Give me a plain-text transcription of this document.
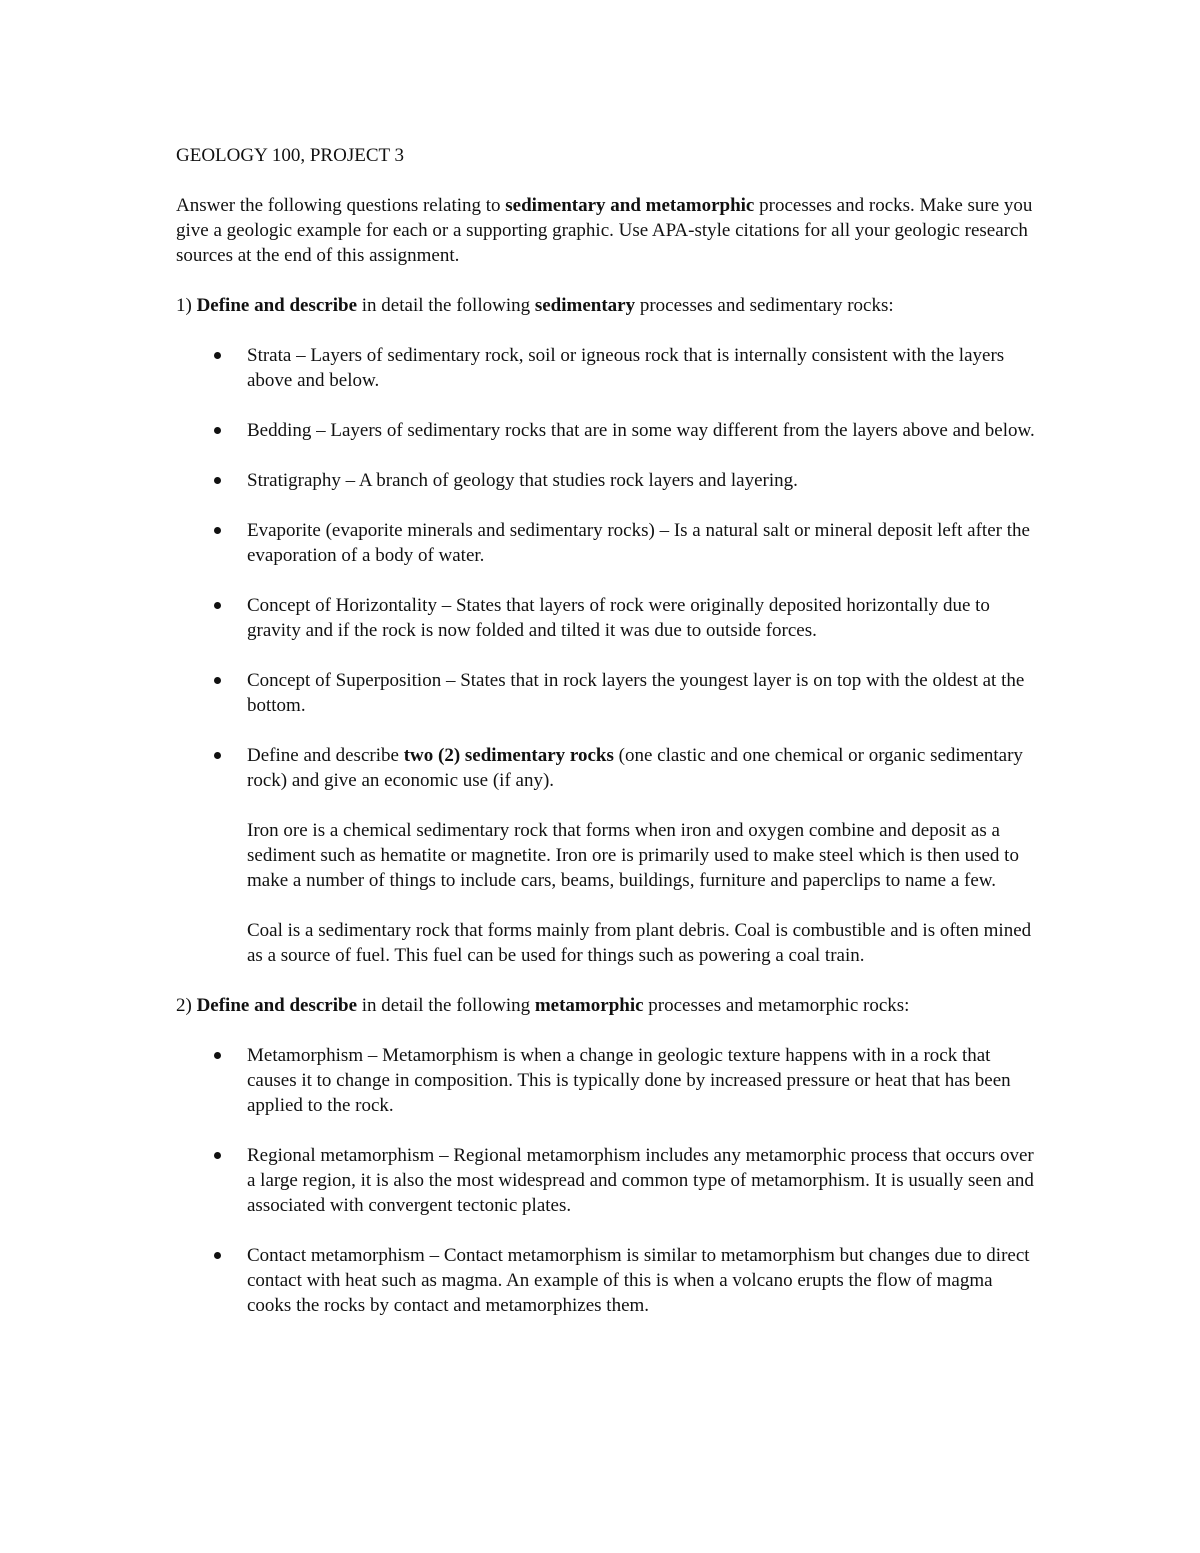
GEOLOGY 100, PROJECT 3

Answer the following questions relating to sedimentary and metamorphic processes and rocks. Make sure you give a geologic example for each or a supporting graphic. Use APA-style citations for all your geologic research sources at the end of this assignment.

1) Define and describe in detail the following sedimentary processes and sedimentary rocks:

Strata – Layers of sedimentary rock, soil or igneous rock that is internally consistent with the layers above and below.
Bedding – Layers of sedimentary rocks that are in some way different from the layers above and below.
Stratigraphy – A branch of geology that studies rock layers and layering.
Evaporite (evaporite minerals and sedimentary rocks) – Is a natural salt or mineral deposit left after the evaporation of a body of water.
Concept of Horizontality – States that layers of rock were originally deposited horizontally due to gravity and if the rock is now folded and tilted it was due to outside forces.
Concept of Superposition – States that in rock layers the youngest layer is on top with the oldest at the bottom.
Define and describe two (2) sedimentary rocks (one clastic and one chemical or organic sedimentary rock) and give an economic use (if any).
Iron ore is a chemical sedimentary rock that forms when iron and oxygen combine and deposit as a sediment such as hematite or magnetite. Iron ore is primarily used to make steel which is then used to make a number of things to include cars, beams, buildings, furniture and paperclips to name a few.
Coal is a sedimentary rock that forms mainly from plant debris. Coal is combustible and is often mined as a source of fuel. This fuel can be used for things such as powering a coal train.

2) Define and describe in detail the following metamorphic processes and metamorphic rocks:

Metamorphism – Metamorphism is when a change in geologic texture happens with in a rock that causes it to change in composition. This is typically done by increased pressure or heat that has been applied to the rock.
Regional metamorphism – Regional metamorphism includes any metamorphic process that occurs over a large region, it is also the most widespread and common type of metamorphism. It is usually seen and associated with convergent tectonic plates.
Contact metamorphism – Contact metamorphism is similar to metamorphism but changes due to direct contact with heat such as magma. An example of this is when a volcano erupts the flow of magma cooks the rocks by contact and metamorphizes them.
